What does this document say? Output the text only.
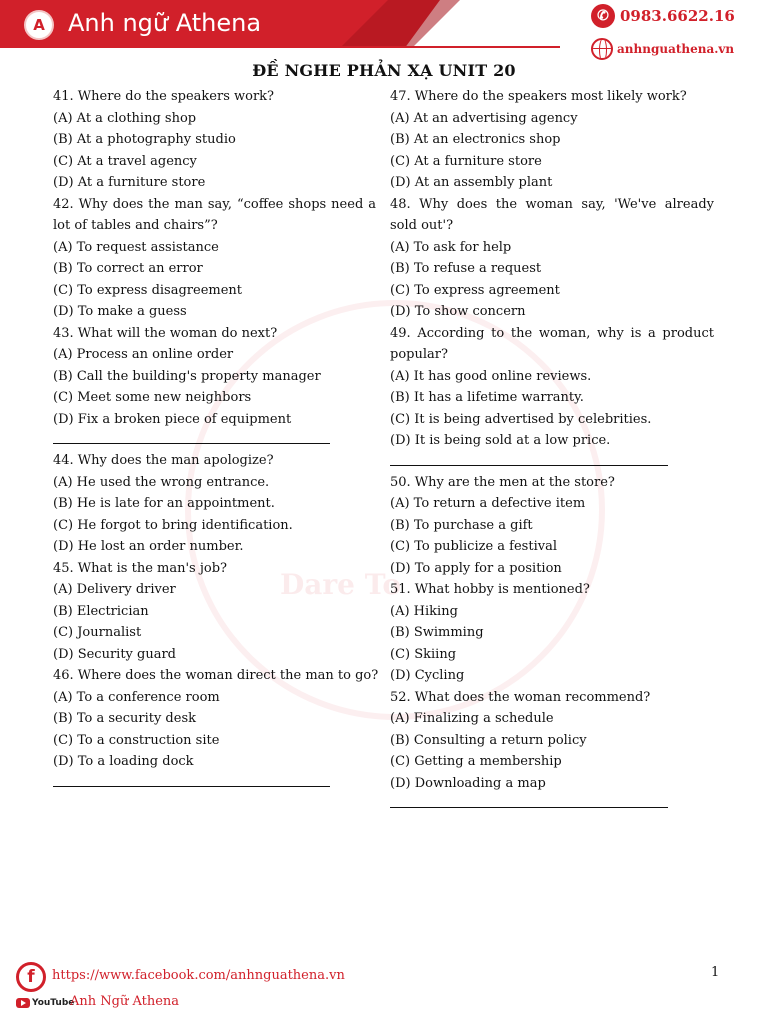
A Anh ngữ Athena	✆ 0983.6622.16
anhnguathena.vn
Dare To
ĐỀ NGHE PHẢN XẠ UNIT 20

41. Where do the speakers work?

(A) At a clothing shop

(B) At a photography studio

(C) At a travel agency

(D) At a furniture store

42. Why does the man say, “coffee shops need a lot of tables and chairs”?

(A) To request assistance

(B) To correct an error

(C) To express disagreement

(D) To make a guess

43. What will the woman do next?

(A) Process an online order

(B) Call the building's property manager

(C) Meet some new neighbors

(D) Fix a broken piece of equipment

44. Why does the man apologize?

(A) He used the wrong entrance.

(B) He is late for an appointment.

(C) He forgot to bring identification.

(D) He lost an order number.

45. What is the man's job?

(A) Delivery driver

(B) Electrician

(C) Journalist

(D) Security guard

46. Where does the woman direct the man to go?

(A) To a conference room

(B) To a security desk

(C) To a construction site

(D) To a loading dock

47. Where do the speakers most likely work?

(A) At an advertising agency

(B) At an electronics shop

(C) At a furniture store

(D) At an assembly plant

48. Why does the woman say, 'We've already sold out'?

(A) To ask for help

(B) To refuse a request

(C) To express agreement

(D) To show concern

49. According to the woman, why is a product popular?

(A) It has good online reviews.

(B) It has a lifetime warranty.

(C) It is being advertised by celebrities.

(D) It is being sold at a low price.

50. Why are the men at the store?

(A) To return a defective item

(B) To purchase a gift

(C) To publicize a festival

(D) To apply for a position

51. What hobby is mentioned?

(A) Hiking

(B) Swimming

(C) Skiing

(D) Cycling

52. What does the woman recommend?

(A) Finalizing a schedule

(B) Consulting a return policy

(C) Getting a membership

(D) Downloading a map

f https://www.facebook.com/anhnguathena.vn
YouTube
Anh Ngữ Athena
1
